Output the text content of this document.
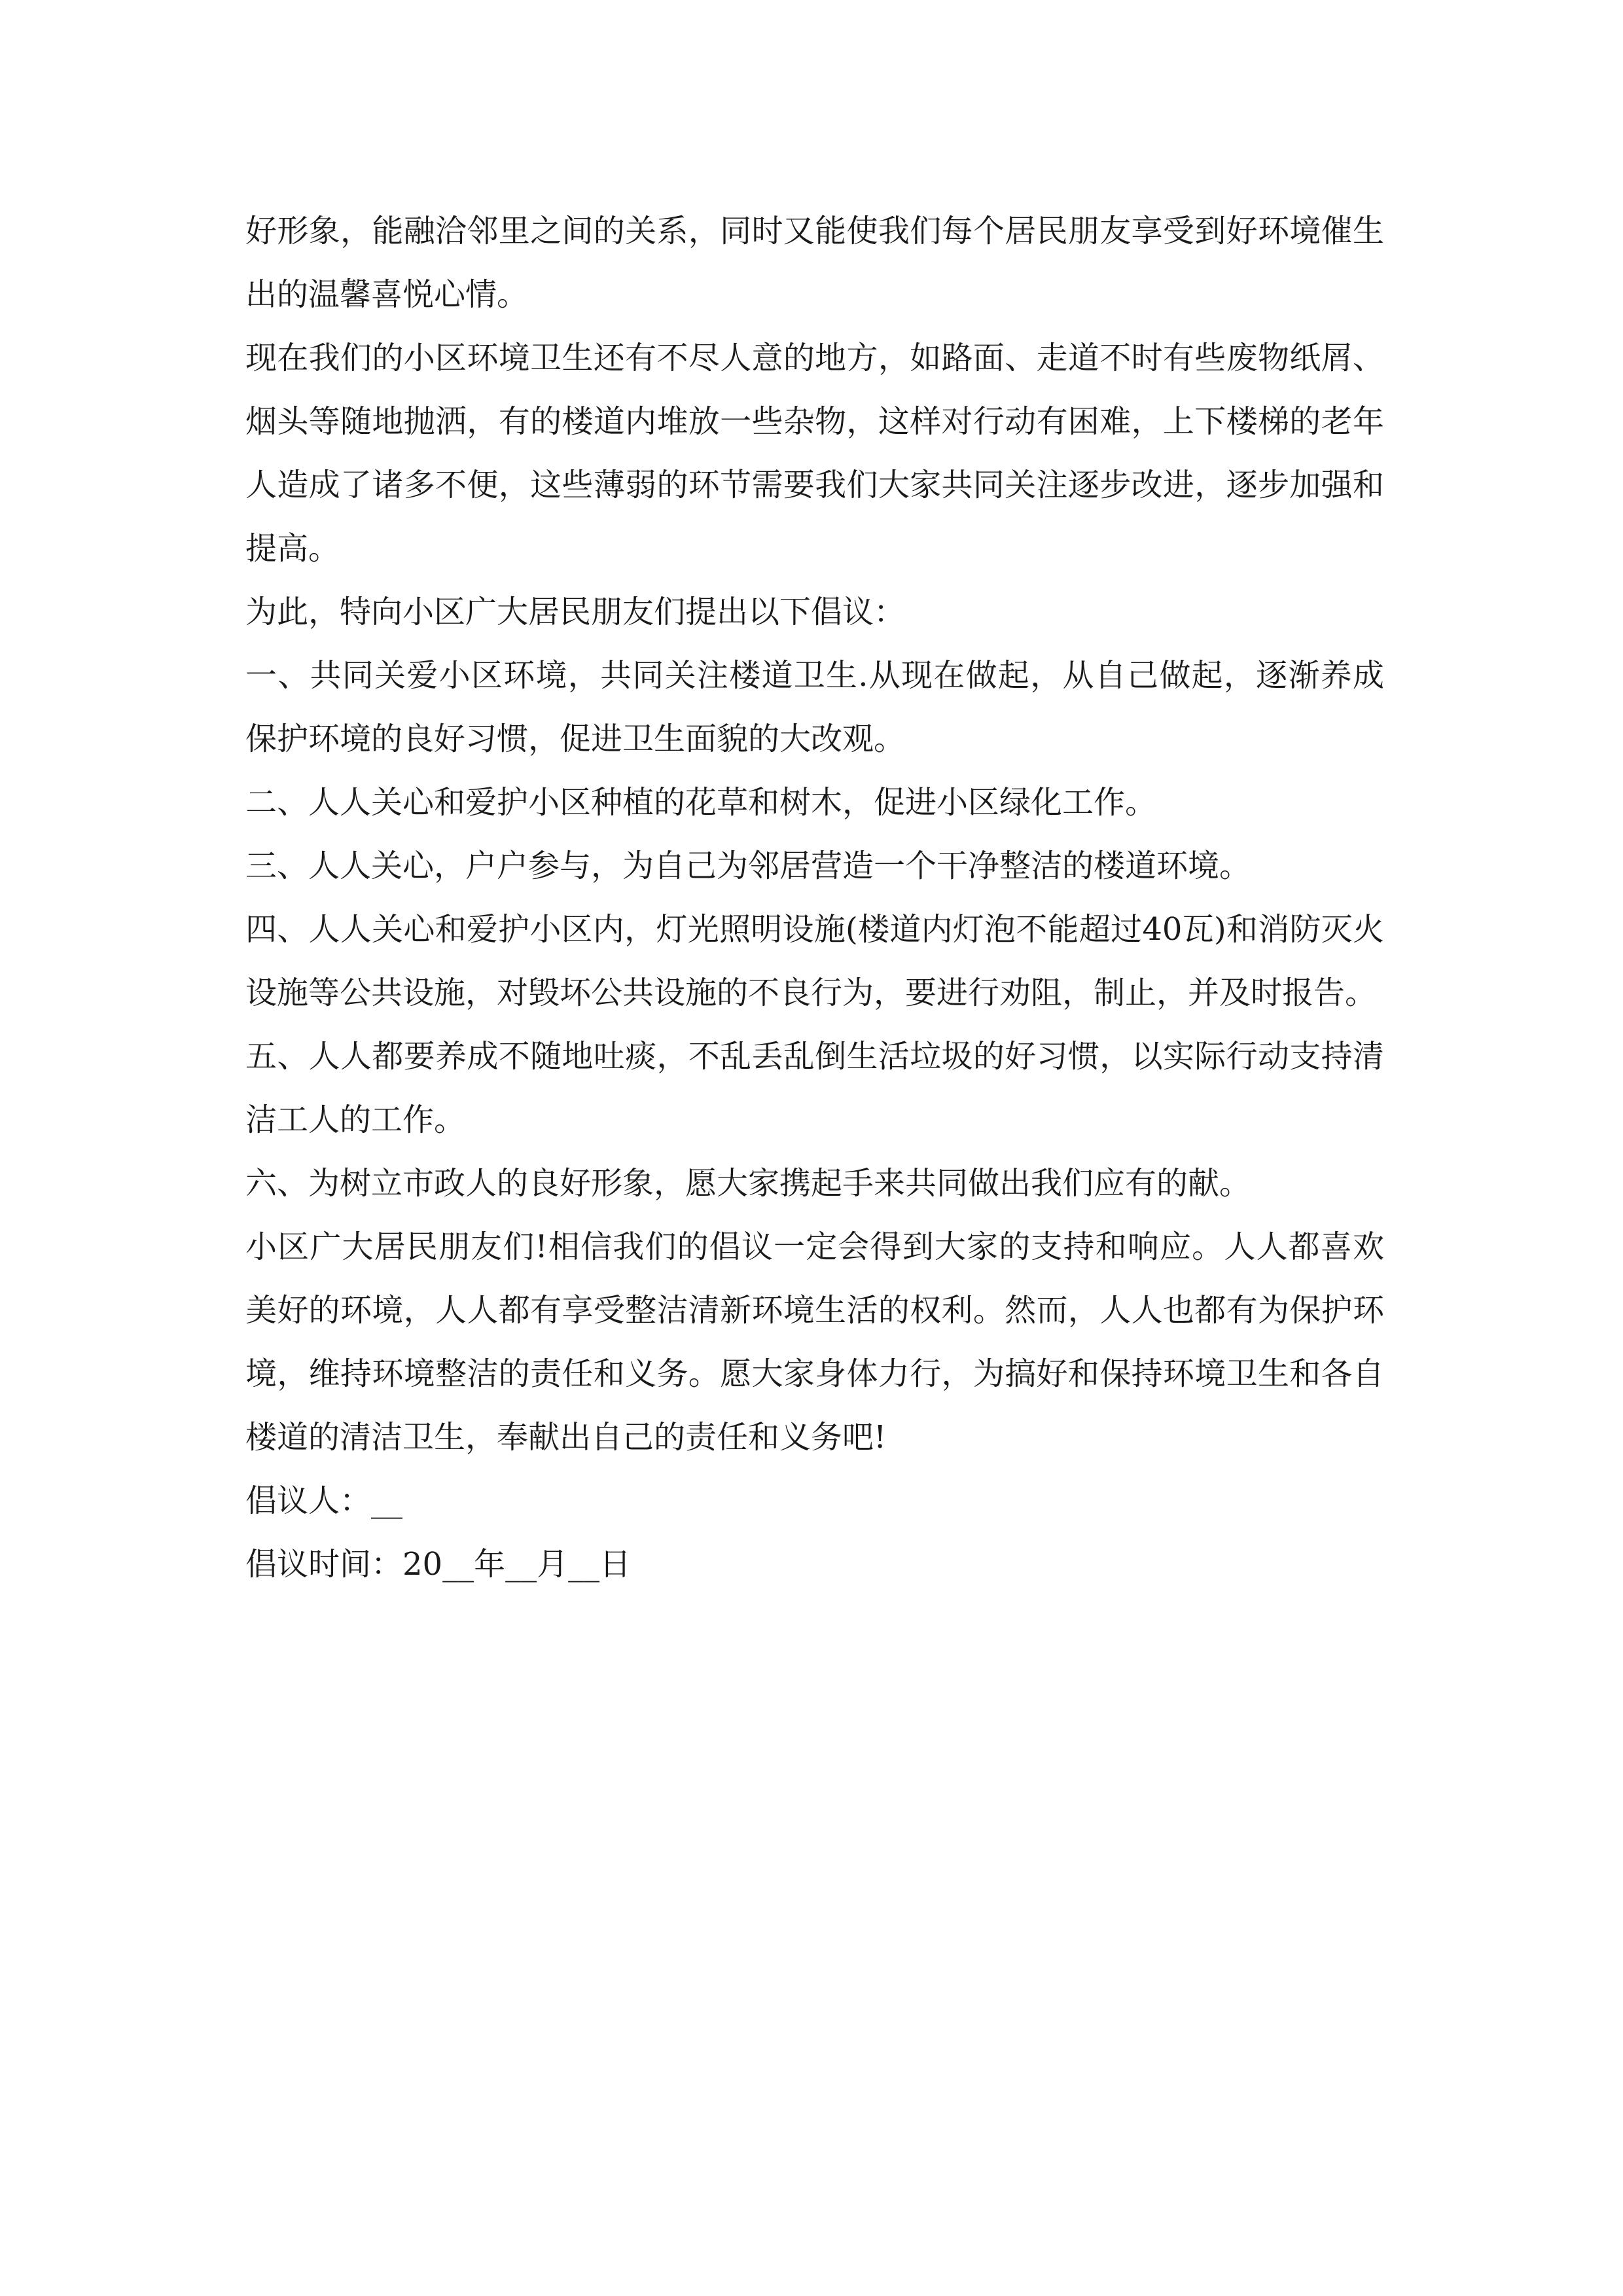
好形象，能融洽邻里之间的关系，同时又能使我们每个居民朋友享受到好环境催生出的温馨喜悦心情。

现在我们的小区环境卫生还有不尽人意的地方，如路面、走道不时有些废物纸屑、烟头等随地抛洒，有的楼道内堆放一些杂物，这样对行动有困难，上下楼梯的老年人造成了诸多不便，这些薄弱的环节需要我们大家共同关注逐步改进，逐步加强和提高。

为此，特向小区广大居民朋友们提出以下倡议：

一、共同关爱小区环境，共同关注楼道卫生.从现在做起，从自己做起，逐渐养成保护环境的良好习惯，促进卫生面貌的大改观。

二、人人关心和爱护小区种植的花草和树木，促进小区绿化工作。

三、人人关心，户户参与，为自己为邻居营造一个干净整洁的楼道环境。

四、人人关心和爱护小区内，灯光照明设施(楼道内灯泡不能超过40瓦)和消防灭火设施等公共设施，对毁坏公共设施的不良行为，要进行劝阻，制止，并及时报告。

五、人人都要养成不随地吐痰，不乱丢乱倒生活垃圾的好习惯，以实际行动支持清洁工人的工作。

六、为树立市政人的良好形象，愿大家携起手来共同做出我们应有的献。

小区广大居民朋友们!相信我们的倡议一定会得到大家的支持和响应。人人都喜欢美好的环境，人人都有享受整洁清新环境生活的权利。然而，人人也都有为保护环境，维持环境整洁的责任和义务。愿大家身体力行，为搞好和保持环境卫生和各自楼道的清洁卫生，奉献出自己的责任和义务吧!

倡议人：__

倡议时间：20__年__月__日
